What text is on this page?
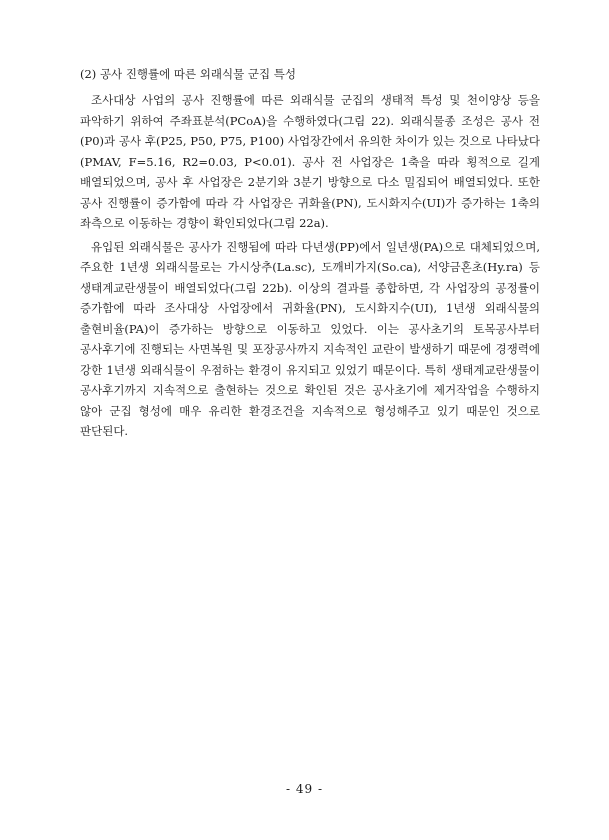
(2) 공사 진행률에 따른 외래식물 군집 특성

조사대상 사업의 공사 진행률에 따른 외래식물 군집의 생태적 특성 및 천이양상 등을 파악하기 위하여 주좌표분석(PCoA)을 수행하였다(그림 22). 외래식물종 조성은 공사 전(P0)과 공사 후(P25, P50, P75, P100) 사업장간에서 유의한 차이가 있는 것으로 나타났다(PMAV, F=5.16, R2=0.03, P<0.01). 공사 전 사업장은 1축을 따라 횡적으로 길게 배열되었으며, 공사 후 사업장은 2분기와 3분기 방향으로 다소 밀집되어 배열되었다. 또한 공사 진행률이 증가함에 따라 각 사업장은 귀화율(PN), 도시화지수(UI)가 증가하는 1축의 좌측으로 이동하는 경향이 확인되었다(그림 22a).

유입된 외래식물은 공사가 진행됨에 따라 다년생(PP)에서 일년생(PA)으로 대체되었으며, 주요한 1년생 외래식물로는 가시상추(La.sc), 도깨비가지(So.ca), 서양금혼초(Hy.ra) 등 생태계교란생물이 배열되었다(그림 22b). 이상의 결과를 종합하면, 각 사업장의 공정률이 증가함에 따라 조사대상 사업장에서 귀화율(PN), 도시화지수(UI), 1년생 외래식물의 출현비율(PA)이 증가하는 방향으로 이동하고 있었다. 이는 공사초기의 토목공사부터 공사후기에 진행되는 사면복원 및 포장공사까지 지속적인 교란이 발생하기 때문에 경쟁력에 강한 1년생 외래식물이 우점하는 환경이 유지되고 있었기 때문이다. 특히 생태계교란생물이 공사후기까지 지속적으로 출현하는 것으로 확인된 것은 공사초기에 제거작업을 수행하지 않아 군집 형성에 매우 유리한 환경조건을 지속적으로 형성해주고 있기 때문인 것으로 판단된다.

- 49 -
